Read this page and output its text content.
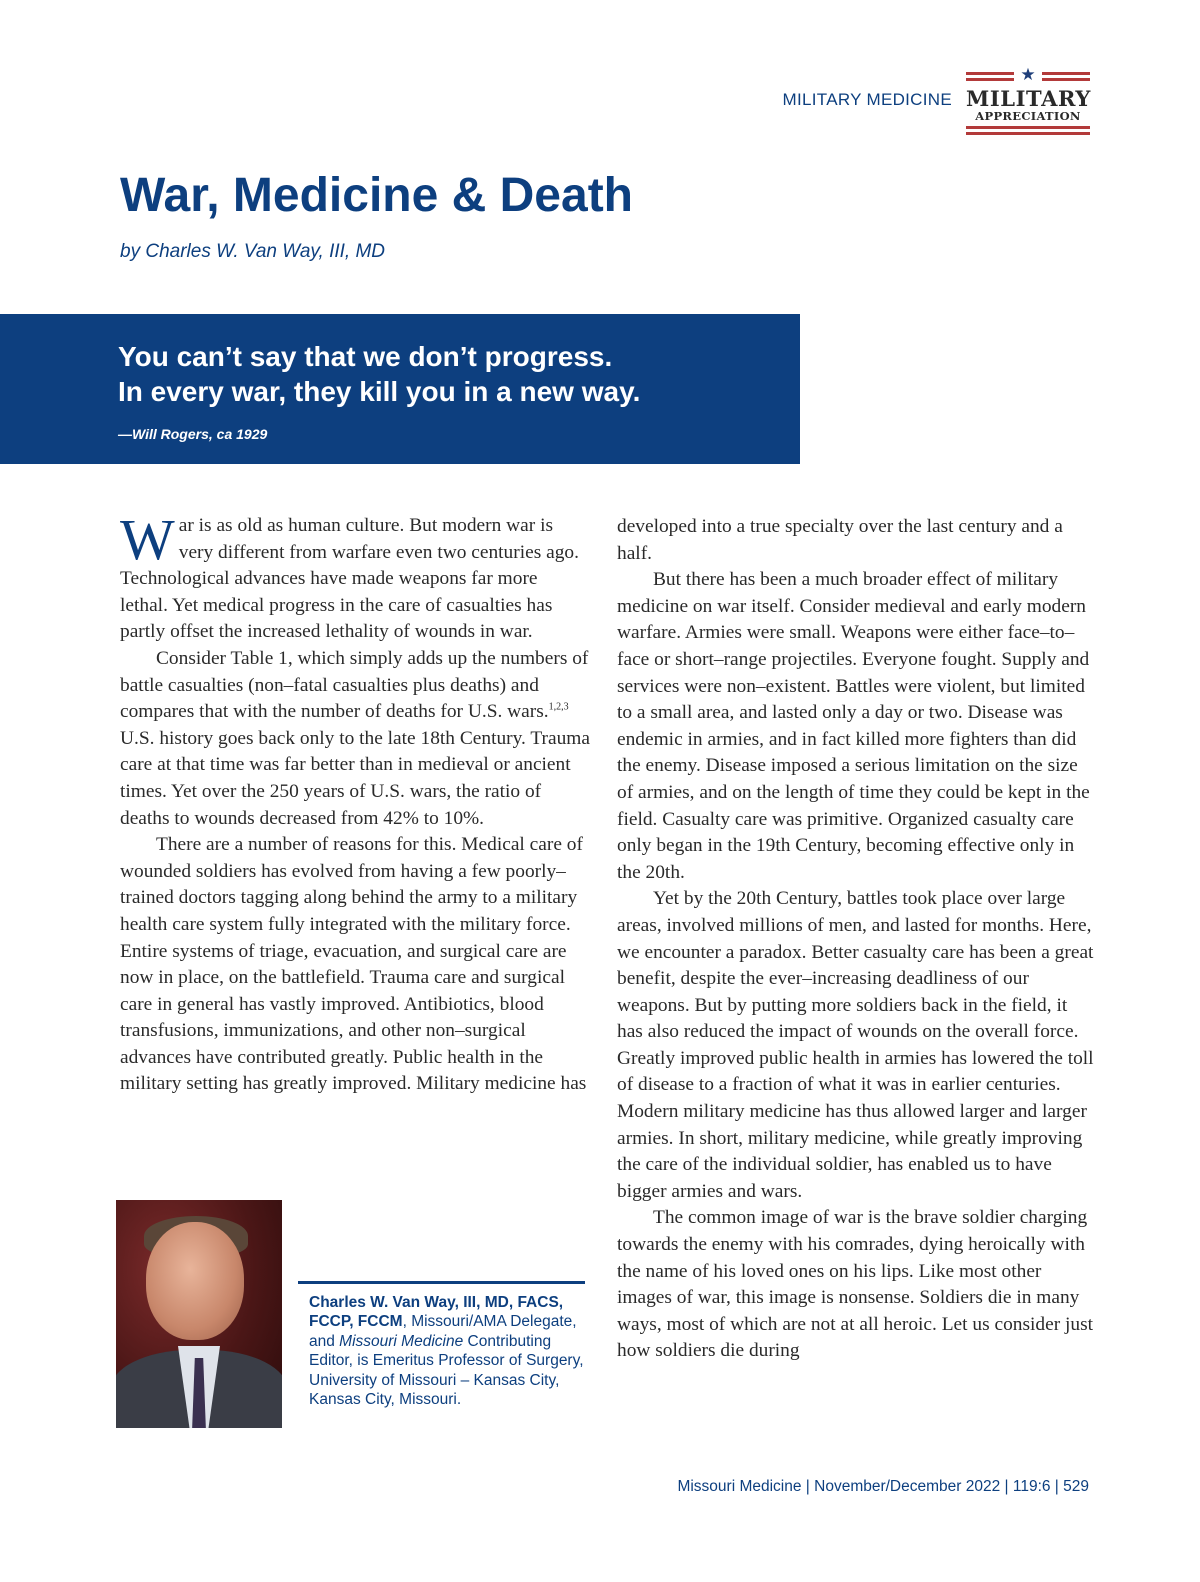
MILITARY MEDICINE
★
MILITARY
APPRECIATION
War, Medicine & Death
by Charles W. Van Way, III, MD
You can’t say that we don’t progress.
In every war, they kill you in a new way.
—Will Rogers, ca 1929

War is as old as human culture. But modern war is very different from warfare even two centuries ago. Technological advances have made weapons far more lethal. Yet medical progress in the care of casualties has partly offset the increased lethality of wounds in war.

Consider Table 1, which simply adds up the numbers of battle casualties (non–fatal casualties plus deaths) and compares that with the number of deaths for U.S. wars.$^{1,2,3}$ U.S. history goes back only to the late 18th Century. Trauma care at that time was far better than in medieval or ancient times. Yet over the 250 years of U.S. wars, the ratio of deaths to wounds decreased from 42% to 10%.

There are a number of reasons for this. Medical care of wounded soldiers has evolved from having a few poorly–trained doctors tagging along behind the army to a military health care system fully integrated with the military force. Entire systems of triage, evacuation, and surgical care are now in place, on the battlefield. Trauma care and surgical care in general has vastly improved. Antibiotics, blood transfusions, immunizations, and other non–surgical advances have contributed greatly. Public health in the military setting has greatly improved. Military medicine has

developed into a true specialty over the last century and a half.

But there has been a much broader effect of military medicine on war itself. Consider medieval and early modern warfare. Armies were small. Weapons were either face–to–face or short–range projectiles. Everyone fought. Supply and services were non–existent. Battles were violent, but limited to a small area, and lasted only a day or two. Disease was endemic in armies, and in fact killed more fighters than did the enemy. Disease imposed a serious limitation on the size of armies, and on the length of time they could be kept in the field. Casualty care was primitive. Organized casualty care only began in the 19th Century, becoming effective only in the 20th.

Yet by the 20th Century, battles took place over large areas, involved millions of men, and lasted for months. Here, we encounter a paradox. Better casualty care has been a great benefit, despite the ever–increasing deadliness of our weapons. But by putting more soldiers back in the field, it has also reduced the impact of wounds on the overall force. Greatly improved public health in armies has lowered the toll of disease to a fraction of what it was in earlier centuries. Modern military medicine has thus allowed larger and larger armies. In short, military medicine, while greatly improving the care of the individual soldier, has enabled us to have bigger armies and wars.

The common image of war is the brave soldier charging towards the enemy with his comrades, dying heroically with the name of his loved ones on his lips. Like most other images of war, this image is nonsense. Soldiers die in many ways, most of which are not at all heroic. Let us consider just how soldiers die during

Charles W. Van Way, III, MD, FACS, FCCP, FCCM, Missouri/AMA Delegate, and Missouri Medicine Contributing Editor, is Emeritus Professor of Surgery, University of Missouri – Kansas City, Kansas City, Missouri.
Missouri Medicine | November/December 2022 | 119:6 | 529
